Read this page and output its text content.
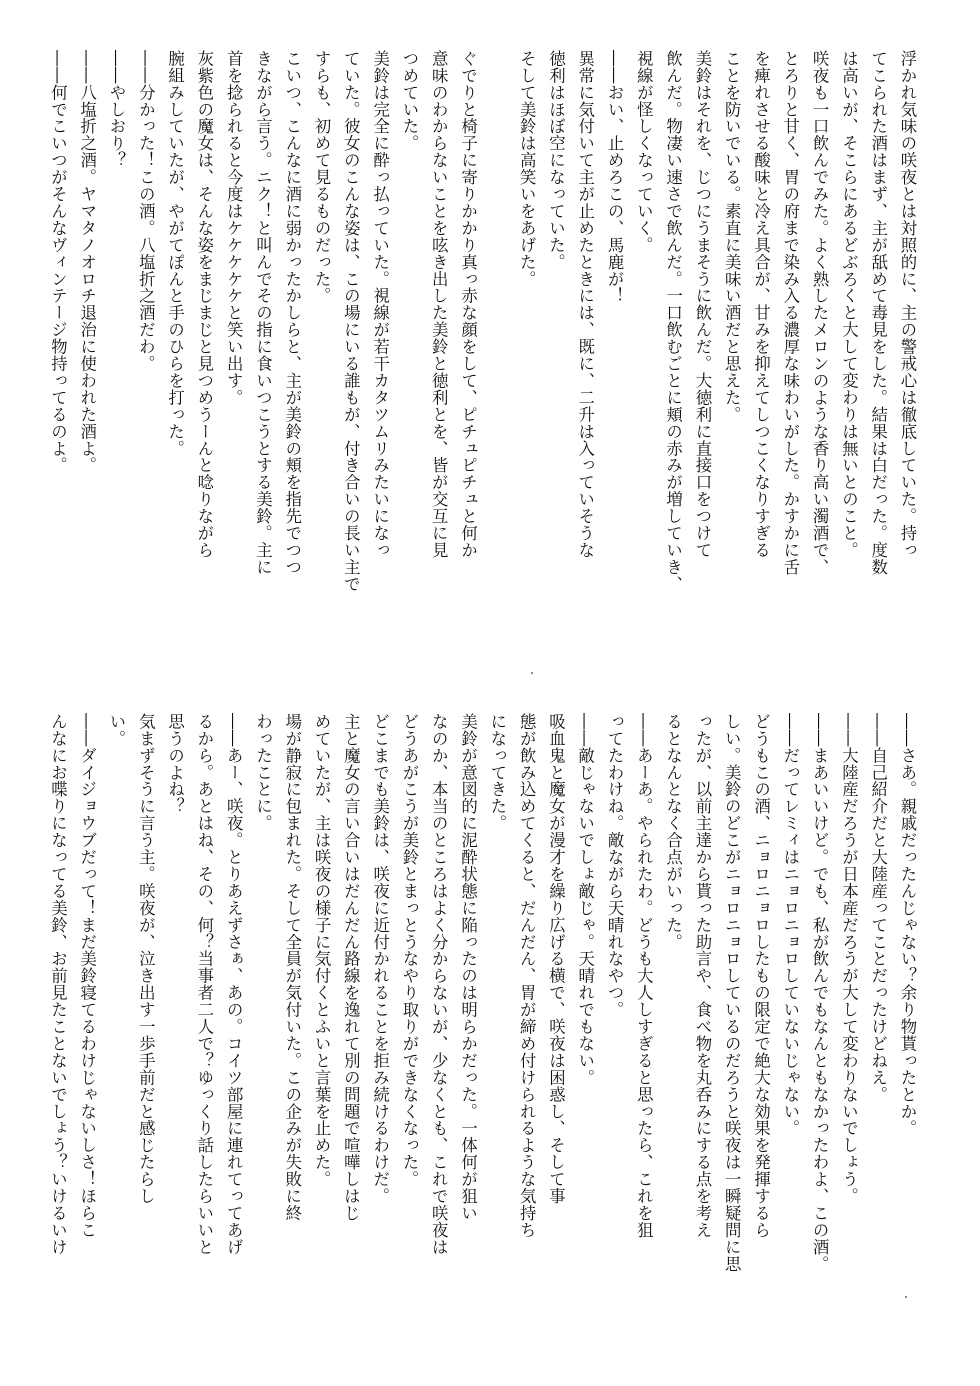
浮かれ気味の咲夜とは対照的に、主の警戒心は徹底していた。持っ
てこられた酒はまず、主が舐めて毒見をした。結果は白だった。度数
は高いが、そこらにあるどぶろくと大して変わりは無いとのこと。
咲夜も一口飲んでみた。よく熟したメロンのような香り高い濁酒で、
とろりと甘く、胃の府まで染み入る濃厚な味わいがした。かすかに舌
を痺れさせる酸味と冷え具合が、甘みを抑えてしつこくなりすぎる
ことを防いでいる。素直に美味い酒だと思えた。
美鈴はそれを、じつにうまそうに飲んだ。大徳利に直接口をつけて
飲んだ。物凄い速さで飲んだ。一口飲むごとに頬の赤みが増していき、
視線が怪しくなっていく。
――おい、止めろこの、馬鹿が！
異常に気付いて主が止めたときには、既に、二升は入っていそうな
徳利はほぼ空になっていた。
そして美鈴は高笑いをあげた。

ぐでりと椅子に寄りかかり真っ赤な顔をして、ピチュピチュと何か
意味のわからないことを呟き出した美鈴と徳利とを、皆が交互に見
つめていた。
美鈴は完全に酔っ払っていた。視線が若干カタツムリみたいになっ
ていた。彼女のこんな姿は、この場にいる誰もが、付き合いの長い主で
すらも、初めて見るものだった。
こいつ、こんなに酒に弱かったかしらと、主が美鈴の頬を指先でつつ
きながら言う。ニク！と叫んでその指に食いつこうとする美鈴。主に
首を捻られると今度はケケケケケと笑い出す。
灰紫色の魔女は、そんな姿をまじまじと見つめうーんと唸りながら
腕組みしていたが、やがてぽんと手のひらを打った。
――分かった！この酒。八塩折之酒だわ。
――やしおり？
――八塩折之酒。ヤマタノオロチ退治に使われた酒よ。
――何でこいつがそんなヴィンテージ物持ってるのよ。
――さあ。親戚だったんじゃない？余り物貰ったとか。
――自己紹介だと大陸産ってことだったけどねえ。
――大陸産だろうが日本産だろうが大して変わりないでしょう。
――まあいいけど。でも、私が飲んでもなんともなかったわよ、この酒。
――だってレミィはニョロニョロしていないじゃない。
どうもこの酒、ニョロニョロしたもの限定で絶大な効果を発揮するら
しい。美鈴のどこがニョロニョロしているのだろうと咲夜は一瞬疑問に思
ったが、以前主達から貰った助言や、食べ物を丸呑みにする点を考え
るとなんとなく合点がいった。
――あーあ。やられたわ。どうも大人しすぎると思ったら、これを狙
ってたわけね。敵ながら天晴れなやつ。
――敵じゃないでしょ敵じゃ。天晴れでもない。
吸血鬼と魔女が漫才を繰り広げる横で、咲夜は困惑し、そして事
態が飲み込めてくると、だんだん、胃が締め付けられるような気持ち
になってきた。
美鈴が意図的に泥酔状態に陥ったのは明らかだった。一体何が狙い
なのか、本当のところはよく分からないが、少なくとも、これで咲夜は
どうあがこうが美鈴とまっとうなやり取りができなくなった。
どこまでも美鈴は、咲夜に近付かれることを拒み続けるわけだ。
主と魔女の言い合いはだんだん路線を逸れて別の問題で喧嘩しはじ
めていたが、主は咲夜の様子に気付くとふいと言葉を止めた。
場が静寂に包まれた。そして全員が気付いた。この企みが失敗に終
わったことに。
――あー、咲夜。とりあえずさぁ、あの。コイツ部屋に連れてってあげ
るから。あとはね、その、何？当事者二人で？ゆっくり話したらいいと
思うのよね？
気まずそうに言う主。咲夜が、泣き出す一歩手前だと感じたらし
い。
――ダイジョウブだって！まだ美鈴寝てるわけじゃないしさ！ほらこ
んなにお喋りになってる美鈴、お前見たことないでしょう？いけるいけ
